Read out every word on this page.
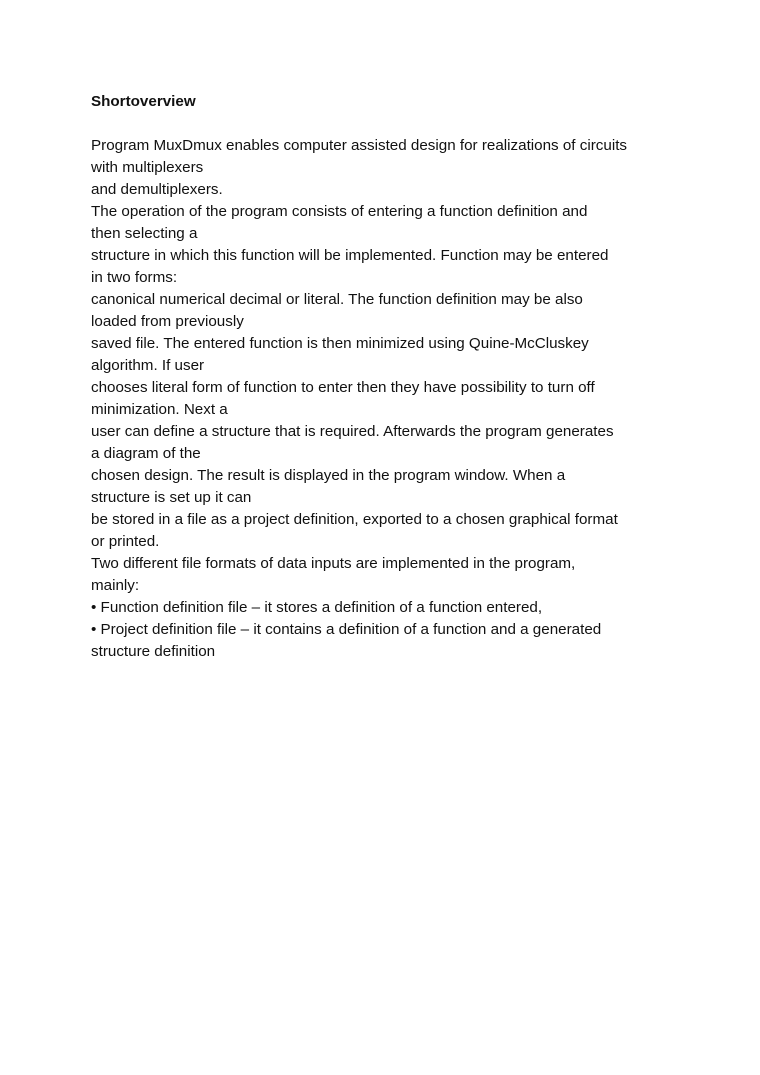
Shortoverview
Program MuxDmux enables computer assisted design for realizations of circuits
with multiplexers
and demultiplexers.
The operation of the program consists of entering a function definition and
then selecting a
structure in which this function will be implemented. Function may be entered
in two forms:
canonical numerical decimal or literal. The function definition may be also
loaded from previously
saved file. The entered function is then minimized using Quine-McCluskey
algorithm. If user
chooses literal form of function to enter then they have possibility to turn off
minimization. Next a
user can define a structure that is required. Afterwards the program generates
a diagram of the
chosen design. The result is displayed in the program window. When a
structure is set up it can
be stored in a file as a project definition, exported to a chosen graphical format
or printed.
Two different file formats of data inputs are implemented in the program,
mainly:
• Function definition file – it stores a definition of a function entered,
• Project definition file – it contains a definition of a function and a generated
structure definition
